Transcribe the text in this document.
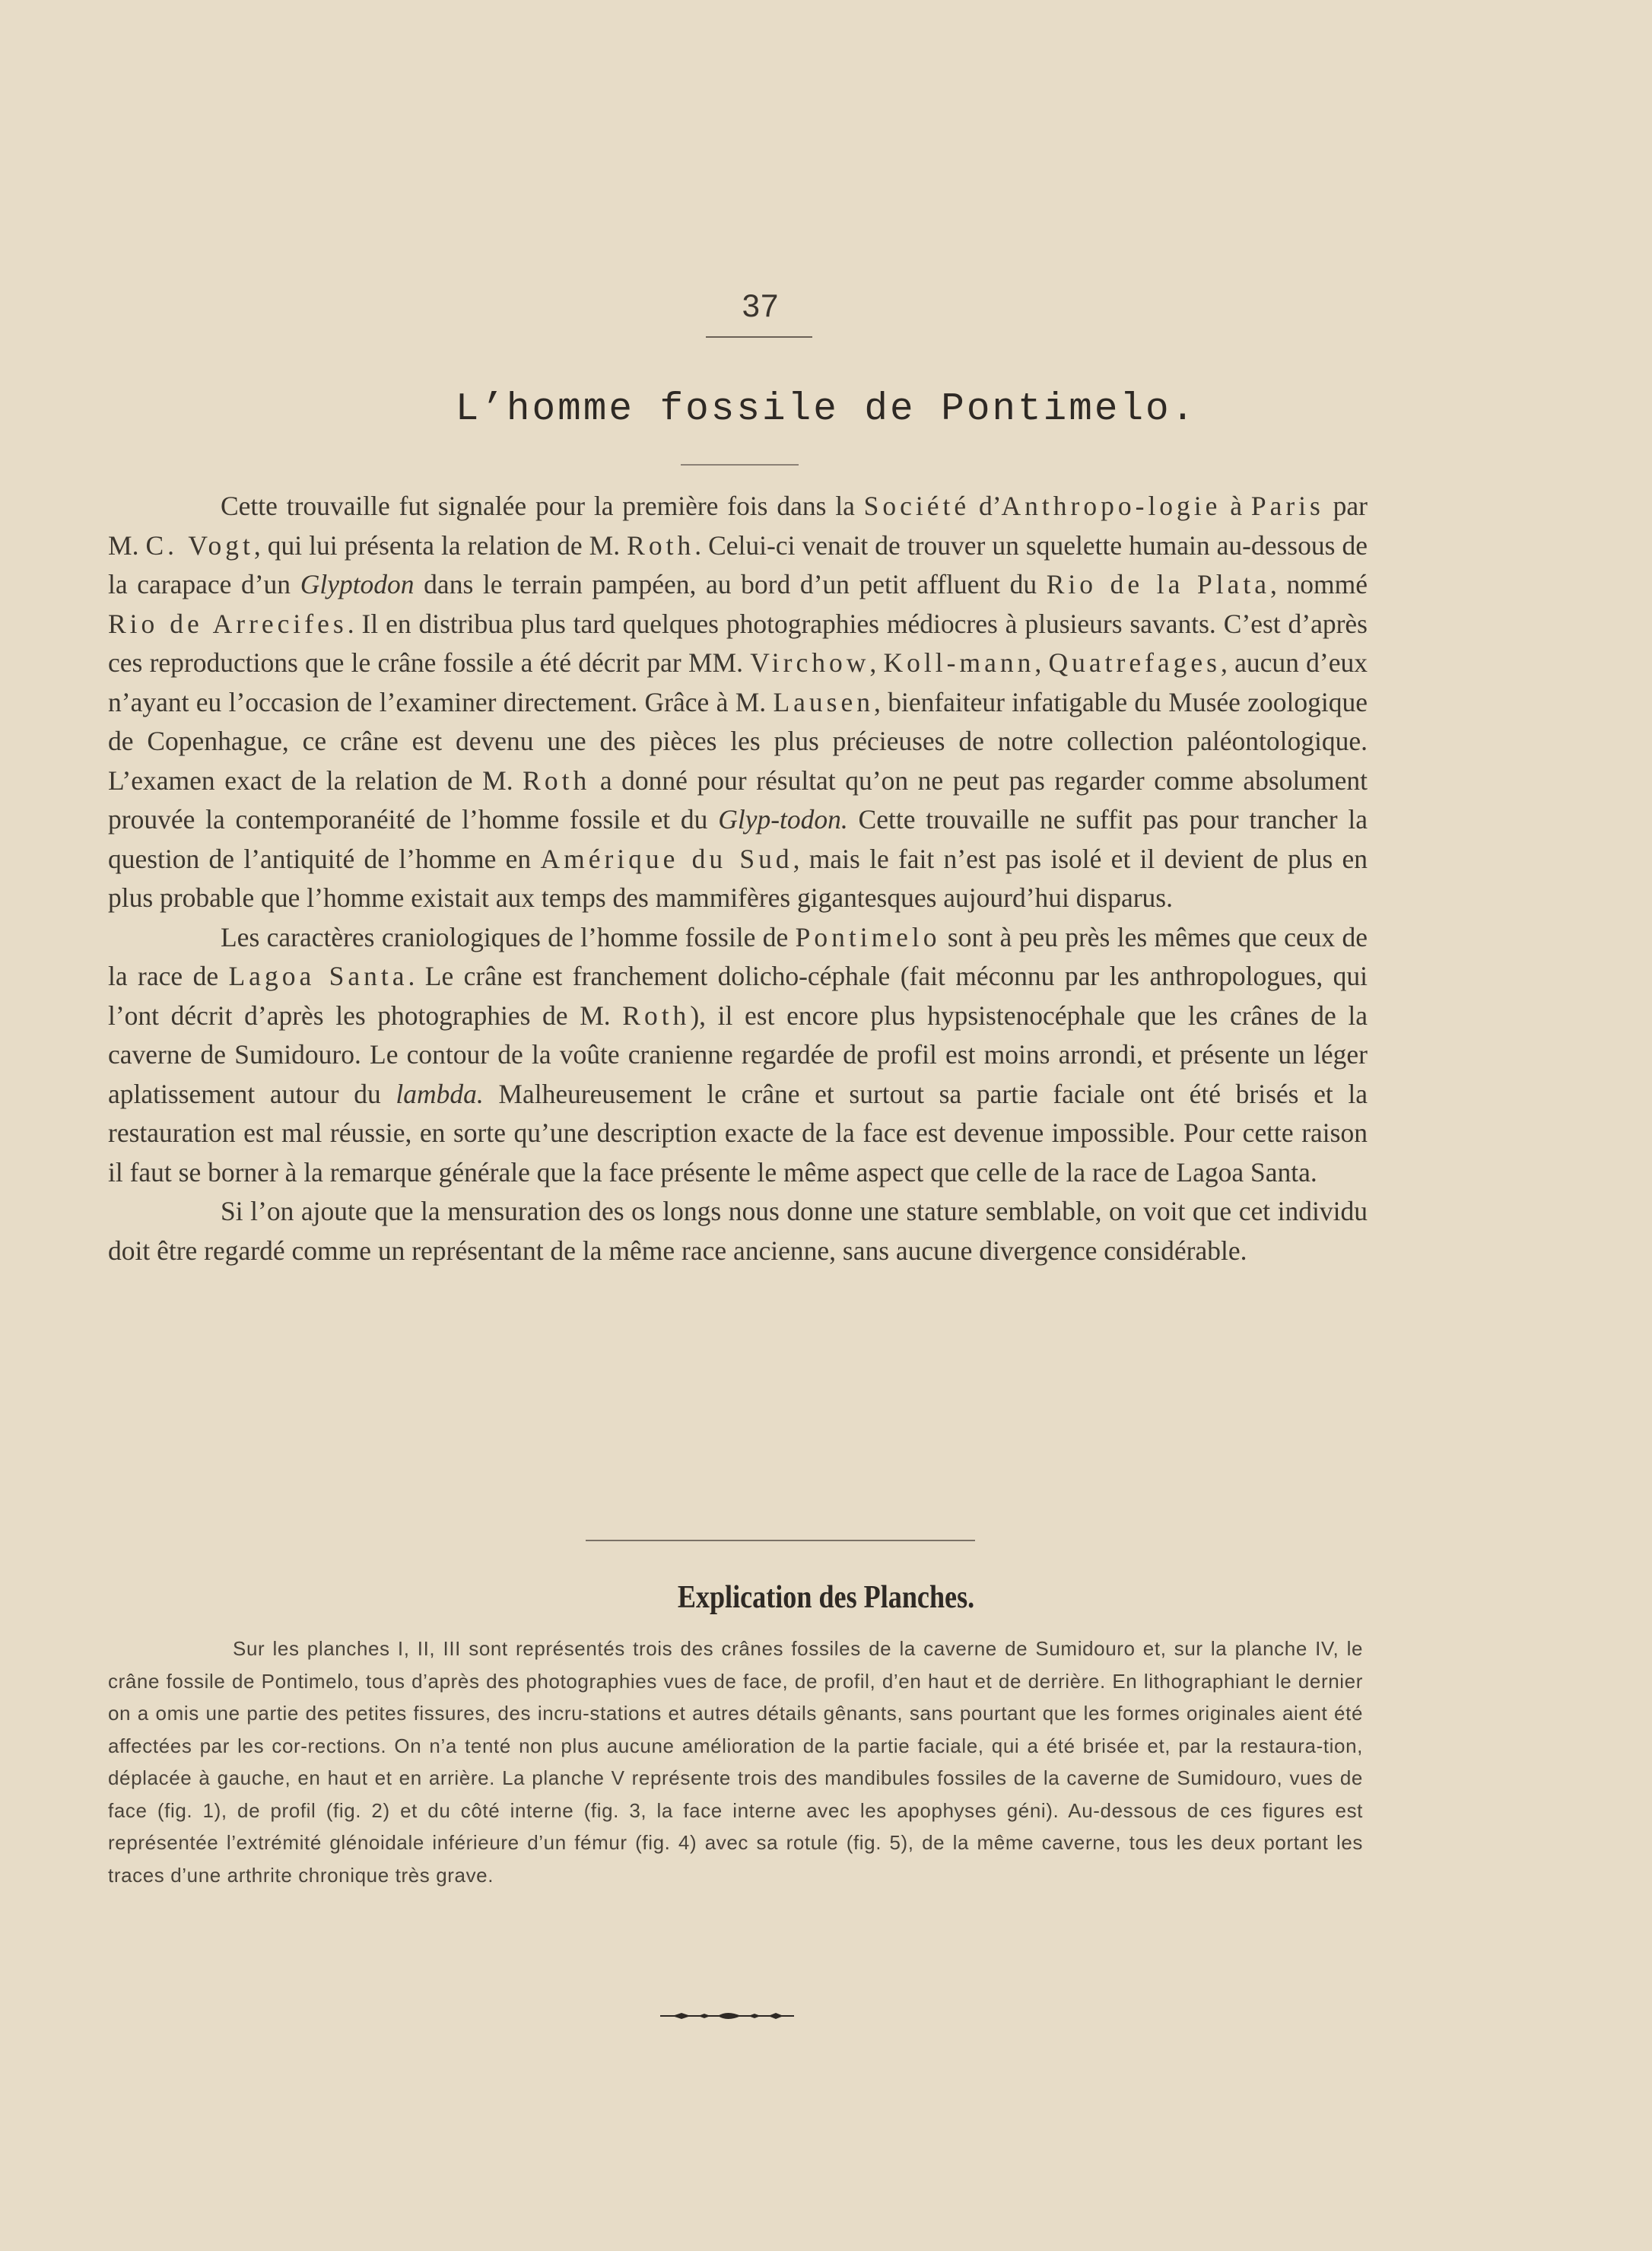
37
L’homme fossile de Pontimelo.

Cette trouvaille fut signalée pour la première fois dans la Société d’Anthropo-logie à Paris par M. C. Vogt, qui lui présenta la relation de M. Roth. Celui-ci venait de trouver un squelette humain au-dessous de la carapace d’un Glyptodon dans le terrain pampéen, au bord d’un petit affluent du Rio de la Plata, nommé Rio de Arrecifes. Il en distribua plus tard quelques photographies médiocres à plusieurs savants. C’est d’après ces reproductions que le crâne fossile a été décrit par MM. Virchow, Koll-mann, Quatrefages, aucun d’eux n’ayant eu l’occasion de l’examiner directement. Grâce à M. Lausen, bienfaiteur infatigable du Musée zoologique de Copenhague, ce crâne est devenu une des pièces les plus précieuses de notre collection paléontologique. L’examen exact de la relation de M. Roth a donné pour résultat qu’on ne peut pas regarder comme absolument prouvée la contemporanéité de l’homme fossile et du Glyp-todon. Cette trouvaille ne suffit pas pour trancher la question de l’antiquité de l’homme en Amérique du Sud, mais le fait n’est pas isolé et il devient de plus en plus probable que l’homme existait aux temps des mammifères gigantesques aujourd’hui disparus.

Les caractères craniologiques de l’homme fossile de Pontimelo sont à peu près les mêmes que ceux de la race de Lagoa Santa. Le crâne est franchement dolicho-céphale (fait méconnu par les anthropologues, qui l’ont décrit d’après les photographies de M. Roth), il est encore plus hypsistenocéphale que les crânes de la caverne de Sumidouro. Le contour de la voûte cranienne regardée de profil est moins arrondi, et présente un léger aplatissement autour du lambda. Malheureusement le crâne et surtout sa partie faciale ont été brisés et la restauration est mal réussie, en sorte qu’une description exacte de la face est devenue impossible. Pour cette raison il faut se borner à la remarque générale que la face présente le même aspect que celle de la race de Lagoa Santa.

Si l’on ajoute que la mensuration des os longs nous donne une stature semblable, on voit que cet individu doit être regardé comme un représentant de la même race ancienne, sans aucune divergence considérable.

Explication des Planches.
Sur les planches I, II, III sont représentés trois des crânes fossiles de la caverne de Sumidouro et, sur la planche IV, le crâne fossile de Pontimelo, tous d’après des photographies vues de face, de profil, d’en haut et de derrière. En lithographiant le dernier on a omis une partie des petites fissures, des incru-stations et autres détails gênants, sans pourtant que les formes originales aient été affectées par les cor-rections. On n’a tenté non plus aucune amélioration de la partie faciale, qui a été brisée et, par la restaura-tion, déplacée à gauche, en haut et en arrière. La planche V représente trois des mandibules fossiles de la caverne de Sumidouro, vues de face (fig. 1), de profil (fig. 2) et du côté interne (fig. 3, la face interne avec les apophyses géni). Au-dessous de ces figures est représentée l’extrémité glénoidale inférieure d’un fémur (fig. 4) avec sa rotule (fig. 5), de la même caverne, tous les deux portant les traces d’une arthrite chronique très grave.
